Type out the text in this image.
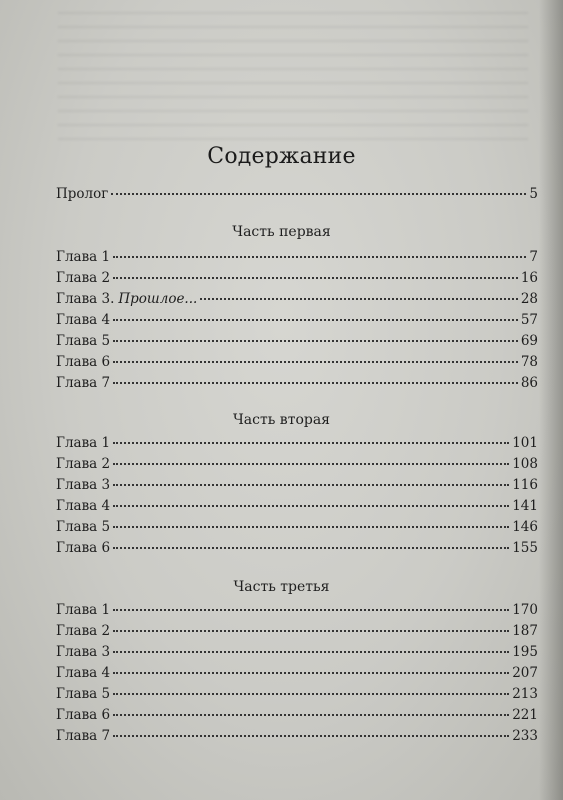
Содержание
Пролог	5
Часть первая
Глава 1	7
Глава 2	16
Глава 3. Прошлое...	28
Глава 4	57
Глава 5	69
Глава 6	78
Глава 7	86
Часть вторая
Глава 1	101
Глава 2	108
Глава 3	116
Глава 4	141
Глава 5	146
Глава 6	155
Часть третья
Глава 1	170
Глава 2	187
Глава 3	195
Глава 4	207
Глава 5	213
Глава 6	221
Глава 7	233
